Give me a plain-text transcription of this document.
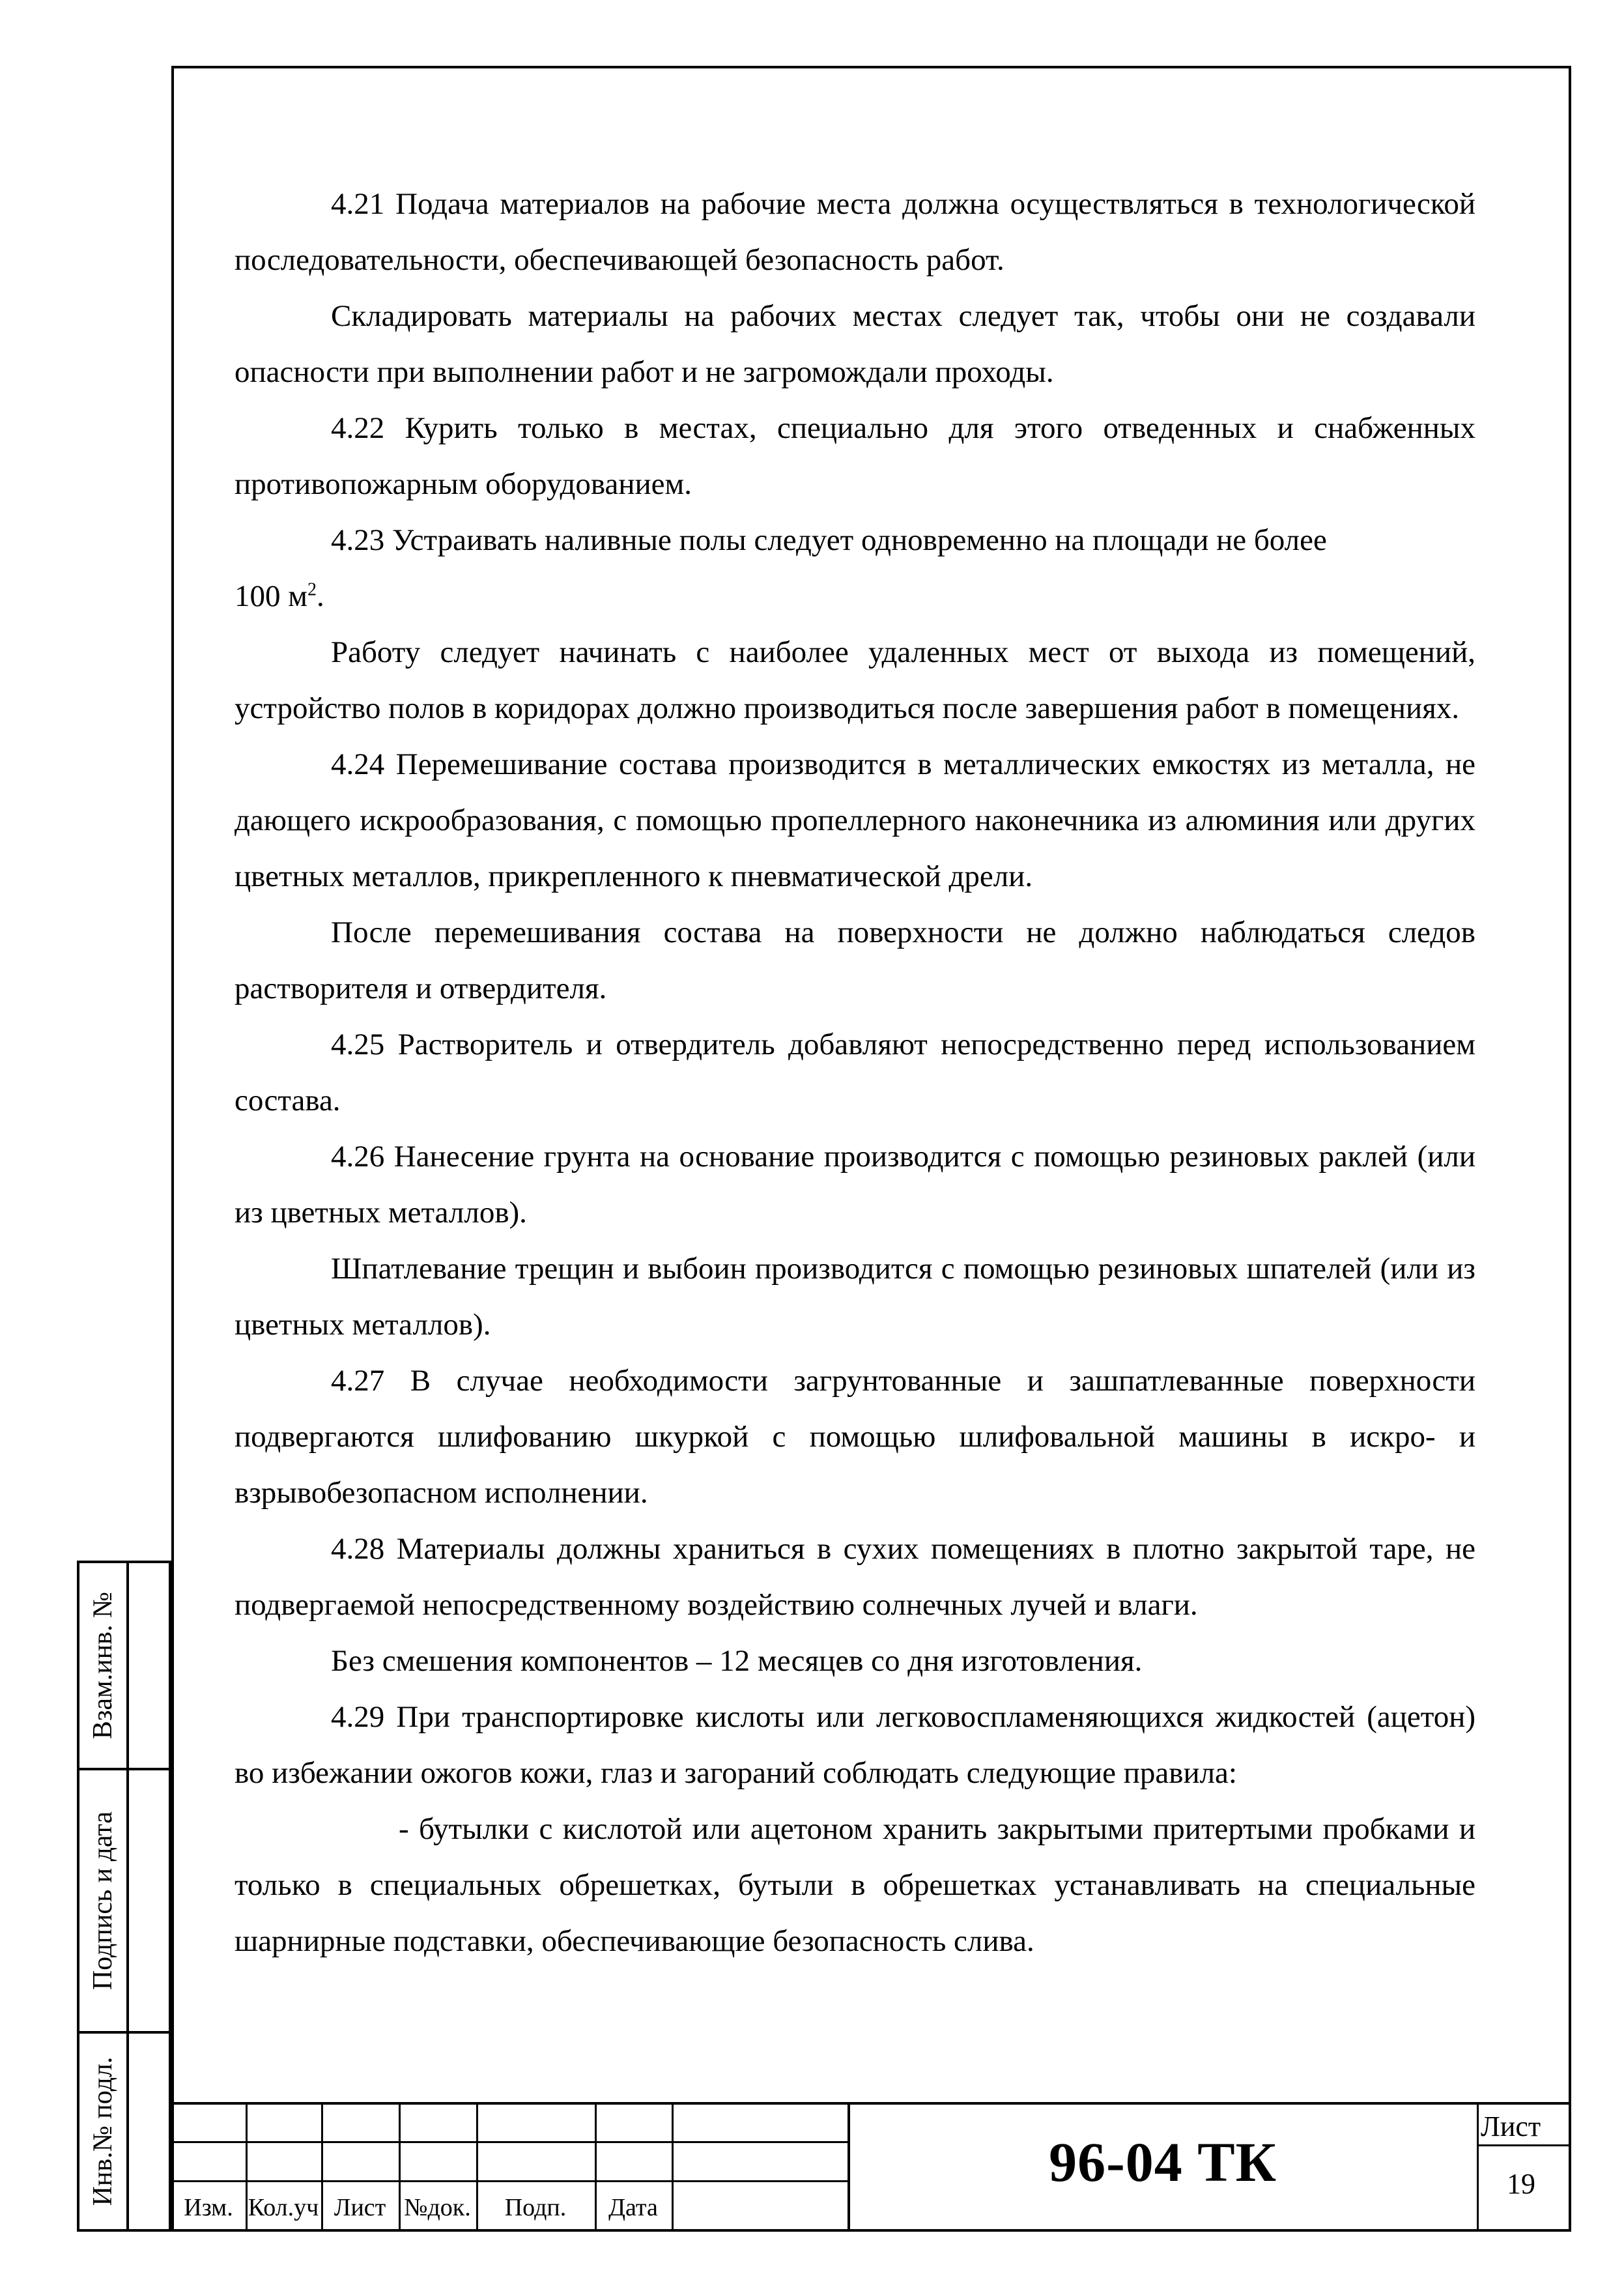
4.21 Подача материалов на рабочие места должна осуществляться в технологической последовательности, обеспечивающей безопасность работ.

Складировать материалы на рабочих местах следует так, чтобы они не создавали опасности при выполнении работ и не загромождали проходы.

4.22 Курить только в местах, специально для этого отведенных и снабженных противопожарным оборудованием.

4.23 Устраивать наливные полы следует одновременно на площади не более

100 $м^2$.

Работу следует начинать с наиболее удаленных мест от выхода из помещений, устройство полов в коридорах должно производиться после завершения работ в помещениях.

4.24 Перемешивание состава производится в металлических емкостях из металла, не дающего искрообразования, с помощью пропеллерного наконечника из алюминия или других цветных металлов, прикрепленного к пневматической дрели.

После перемешивания состава на поверхности не должно наблюдаться следов растворителя и отвердителя.

4.25 Растворитель и отвердитель добавляют непосредственно перед использованием состава.

4.26 Нанесение грунта на основание производится с помощью резиновых раклей (или из цветных металлов).

Шпатлевание трещин и выбоин производится с помощью резиновых шпателей (или из цветных металлов).

4.27 В случае необходимости загрунтованные и зашпатлеванные поверхности подвергаются шлифованию шкуркой с помощью шлифовальной машины в искро- и взрывобезопасном исполнении.

4.28 Материалы должны храниться в сухих помещениях в плотно закрытой таре, не подвергаемой непосредственному воздействию солнечных лучей и влаги.

Без смешения компонентов – 12 месяцев со дня изготовления.

4.29 При транспортировке кислоты или легковоспламеняющихся жидкостей (ацетон) во избежании ожогов кожи, глаз и загораний соблюдать следующие правила:

- бутылки с кислотой или ацетоном хранить закрытыми притертыми пробками и только в специальных обрешетках, бутыли в обрешетках устанавливать на специальные шарнирные подставки, обеспечивающие безопасность слива.

Взам.инв. №
Подпись и дата
Инв.№ подл.
Изм. Кол.уч Лист №док.	Подп.	Дата
96-04 ТК
Лист
19
